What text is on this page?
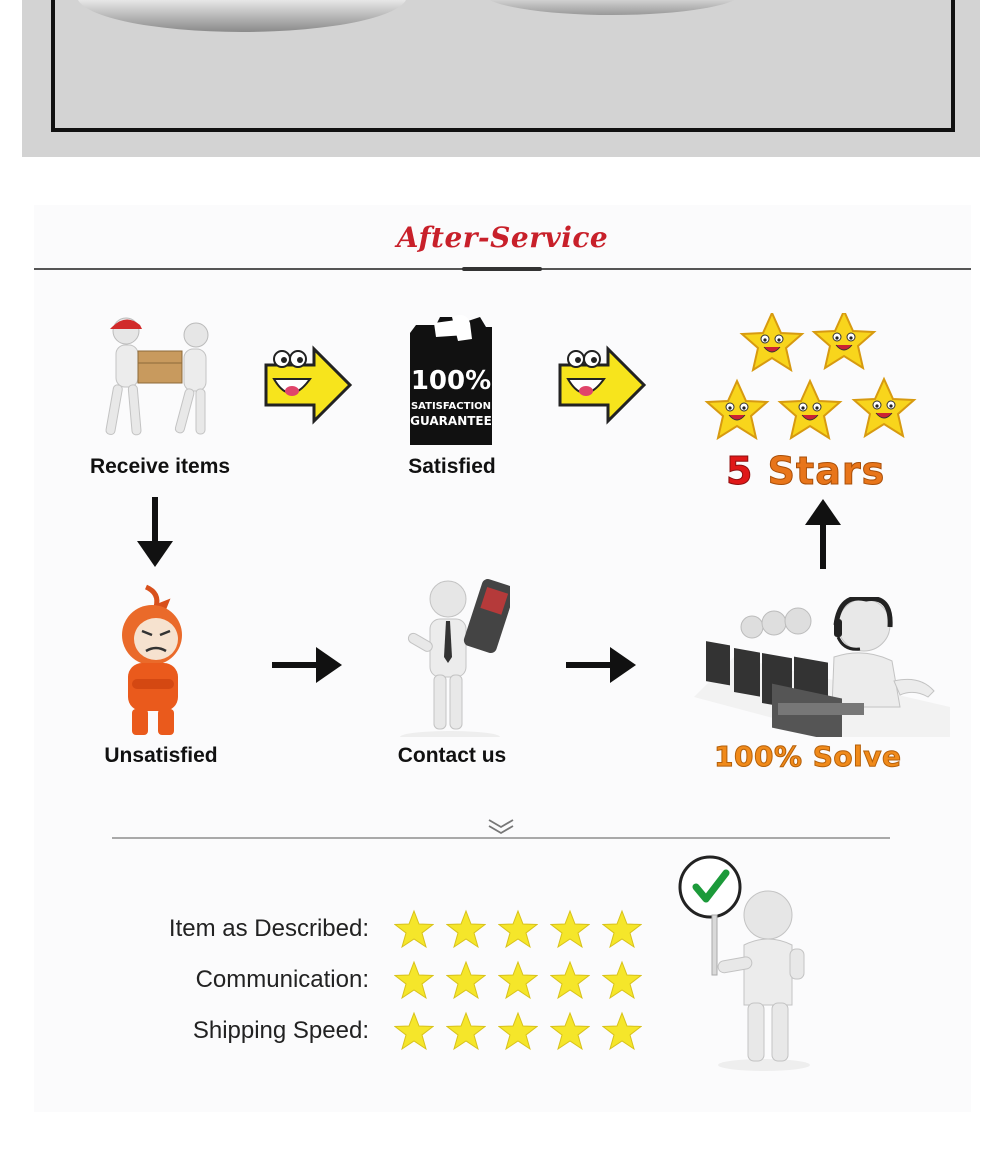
After-Service
Receive items
100%
SATISFACTION
GUARANTEE
Satisfied	5 Stars
Unsatisfied	Contact us	100% Solve
Item as Described:
Communication:
Shipping Speed:
